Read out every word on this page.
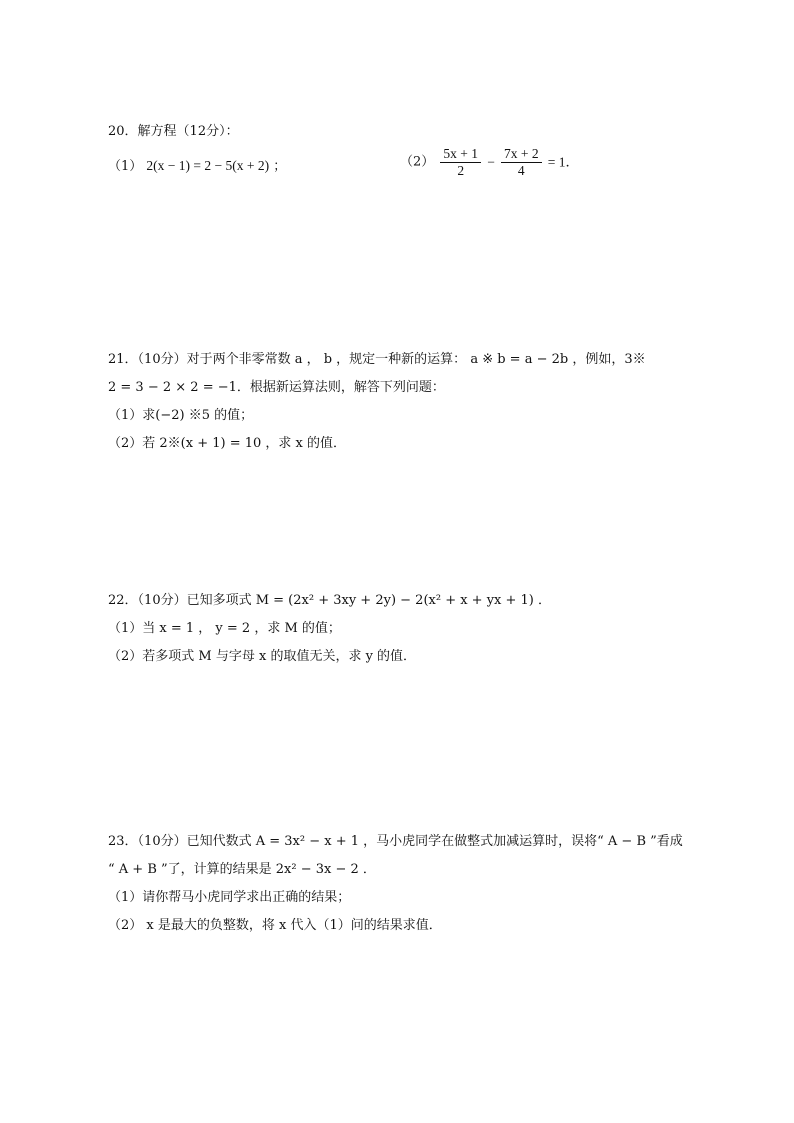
20．解方程（12分）：
（1） 2(x − 1) = 2 − 5(x + 2) ；	$(2) \frac{5x + 1}{2} - \frac{7x + 2}{4} = 1$．
21．（10分）对于两个非零常数 a ， b ，规定一种新的运算： a ※ b = a − 2b ，例如，3※
2 = 3 − 2 × 2 = −1．根据新运算法则，解答下列问题：
（1）求(−2) ※5 的值；
（2）若 2※(x + 1) = 10 ，求 x 的值．
22．（10分）已知多项式 M = (2x² + 3xy + 2y) − 2(x² + x + yx + 1) ．
（1）当 x = 1 ， y = 2 ，求 M 的值；
（2）若多项式 M 与字母 x 的取值无关，求 y 的值．
23．（10分）已知代数式 A = 3x² − x + 1 ，马小虎同学在做整式加减运算时，误将“ A − B ”看成
“ A + B ”了，计算的结果是 2x² − 3x − 2 ．
（1）请你帮马小虎同学求出正确的结果；
（2） x 是最大的负整数，将 x 代入（1）问的结果求值．
